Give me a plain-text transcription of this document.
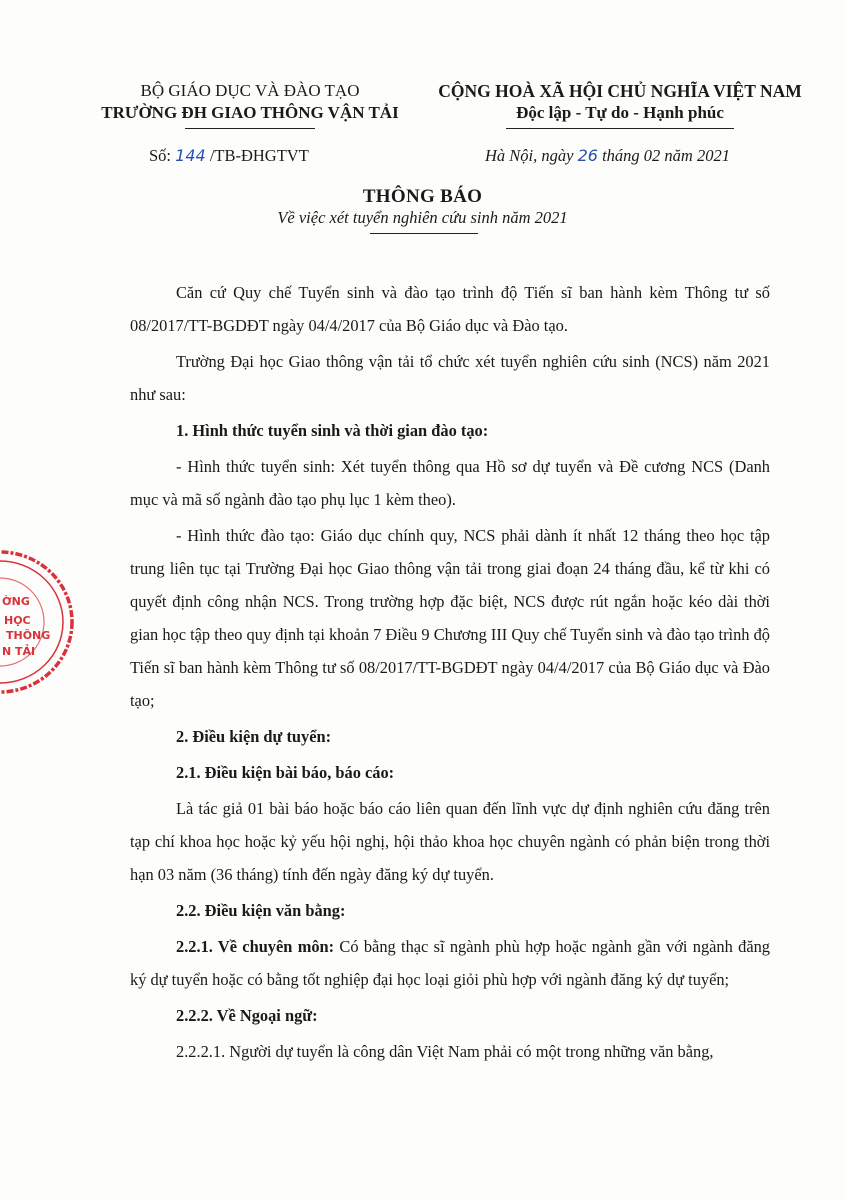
BỘ GIÁO DỤC VÀ ĐÀO TẠO
TRƯỜNG ĐH GIAO THÔNG VẬN TẢI
CỘNG HOÀ XÃ HỘI CHỦ NGHĨA VIỆT NAM
Độc lập - Tự do - Hạnh phúc
Số: 144 /TB-ĐHGTVT	Hà Nội, ngày 26 tháng 02 năm 2021
THÔNG BÁO
Về việc xét tuyển nghiên cứu sinh năm 2021

Căn cứ Quy chế Tuyển sinh và đào tạo trình độ Tiến sĩ ban hành kèm Thông tư số 08/2017/TT-BGDĐT ngày 04/4/2017 của Bộ Giáo dục và Đào tạo.

Trường Đại học Giao thông vận tải tổ chức xét tuyển nghiên cứu sinh (NCS) năm 2021 như sau:

1. Hình thức tuyển sinh và thời gian đào tạo:

- Hình thức tuyển sinh: Xét tuyển thông qua Hồ sơ dự tuyển và Đề cương NCS (Danh mục và mã số ngành đào tạo phụ lục 1 kèm theo).

- Hình thức đào tạo: Giáo dục chính quy, NCS phải dành ít nhất 12 tháng theo học tập trung liên tục tại Trường Đại học Giao thông vận tải trong giai đoạn 24 tháng đầu, kể từ khi có quyết định công nhận NCS. Trong trường hợp đặc biệt, NCS được rút ngắn hoặc kéo dài thời gian học tập theo quy định tại khoản 7 Điều 9 Chương III Quy chế Tuyển sinh và đào tạo trình độ Tiến sĩ ban hành kèm Thông tư số 08/2017/TT-BGDĐT ngày 04/4/2017 của Bộ Giáo dục và Đào tạo;

2. Điều kiện dự tuyển:

2.1. Điều kiện bài báo, báo cáo:

Là tác giả 01 bài báo hoặc báo cáo liên quan đến lĩnh vực dự định nghiên cứu đăng trên tạp chí khoa học hoặc kỷ yếu hội nghị, hội thảo khoa học chuyên ngành có phản biện trong thời hạn 03 năm (36 tháng) tính đến ngày đăng ký dự tuyển.

2.2. Điều kiện văn bằng:

2.2.1. Về chuyên môn: Có bằng thạc sĩ ngành phù hợp hoặc ngành gần với ngành đăng ký dự tuyển hoặc có bằng tốt nghiệp đại học loại giỏi phù hợp với ngành đăng ký dự tuyển;

2.2.2. Về Ngoại ngữ:

2.2.2.1. Người dự tuyển là công dân Việt Nam phải có một trong những văn bằng,

ỜNG
HỌC
THÔNG
N TẢI
